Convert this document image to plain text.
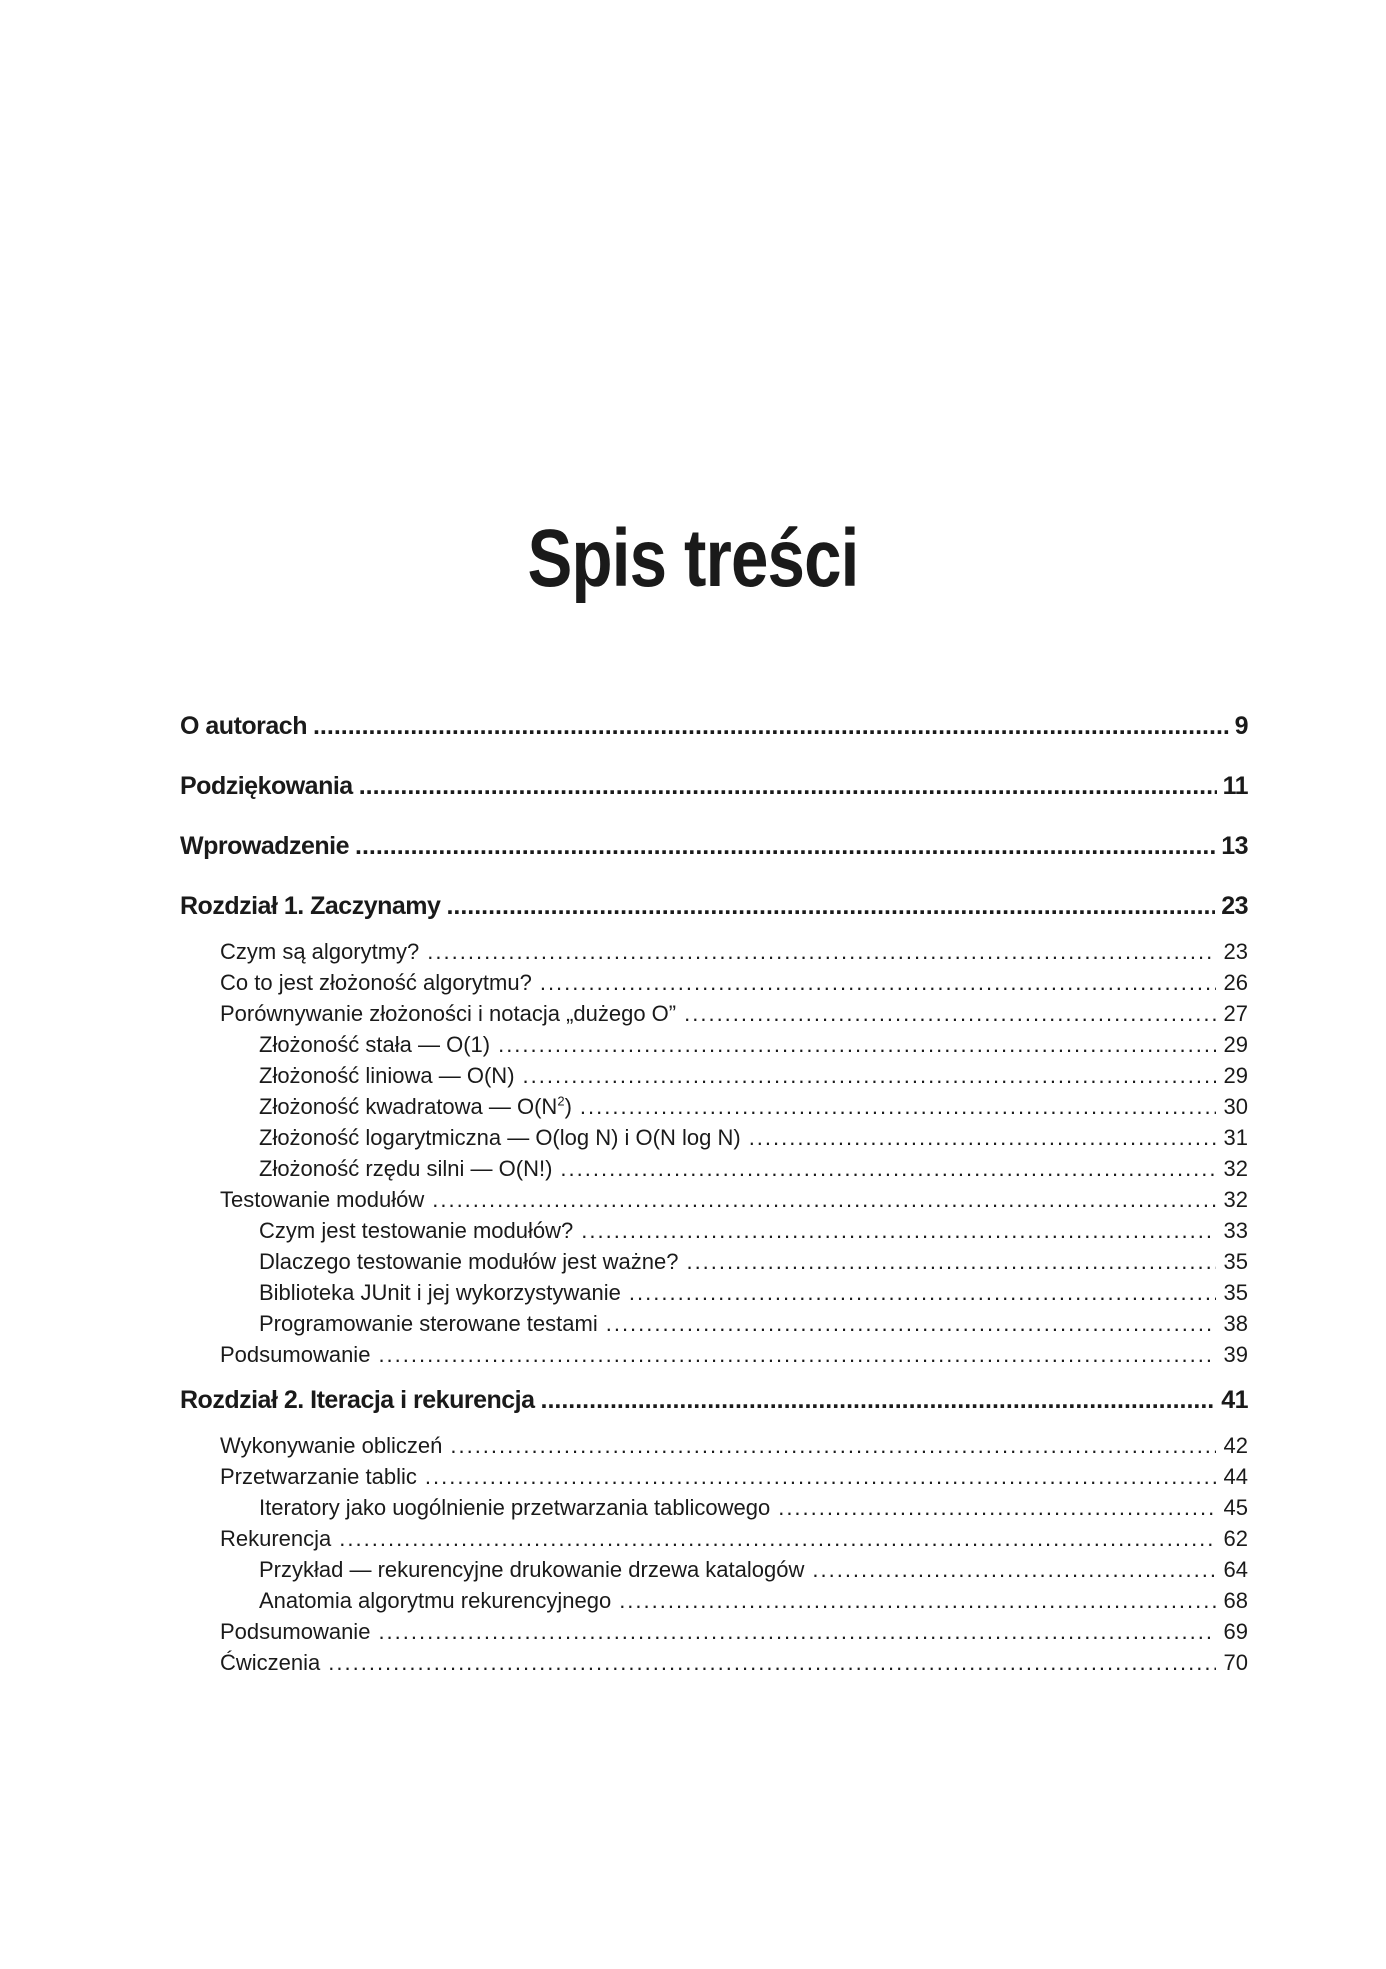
Spis treści
O autorach .....	9
Podziękowania .....	11
Wprowadzenie .....	13
Rozdział 1. Zaczynamy .....	23
Czym są algorytmy? .....	23
Co to jest złożoność algorytmu? .....	26
Porównywanie złożoności i notacja „dużego O” .....	27
Złożoność stała — O(1) .....	29
Złożoność liniowa — O(N) .....	29
Złożoność kwadratowa — $O(N^2)$ .....	30
Złożoność logarytmiczna — O(log N) i O(N log N) .....	31
Złożoność rzędu silni — O(N!) .....	32
Testowanie modułów .....	32
Czym jest testowanie modułów? .....	33
Dlaczego testowanie modułów jest ważne? .....	35
Biblioteka JUnit i jej wykorzystywanie .....	35
Programowanie sterowane testami .....	38
Podsumowanie .....	39
Rozdział 2. Iteracja i rekurencja .....	41
Wykonywanie obliczeń .....	42
Przetwarzanie tablic .....	44
Iteratory jako uogólnienie przetwarzania tablicowego .....	45
Rekurencja .....	62
Przykład — rekurencyjne drukowanie drzewa katalogów .....	64
Anatomia algorytmu rekurencyjnego .....	68
Podsumowanie .....	69
Ćwiczenia .....	70
